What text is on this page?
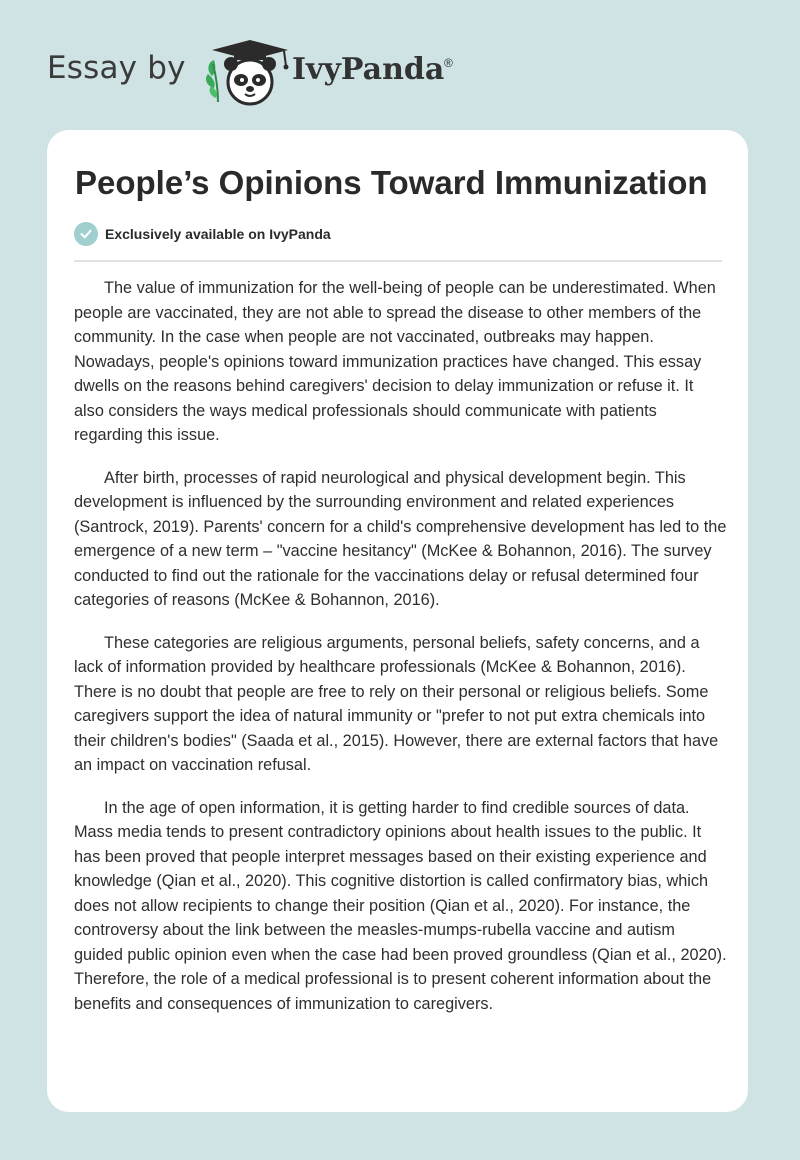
Essay by	IvyPanda ®
People’s Opinions Toward Immunization
Exclusively available on IvyPanda

The value of immunization for the well-being of people can be underestimated. When people are vaccinated, they are not able to spread the disease to other members of the community. In the case when people are not vaccinated, outbreaks may happen. Nowadays, people's opinions toward immunization practices have changed. This essay dwells on the reasons behind caregivers' decision to delay immunization or refuse it. It also considers the ways medical professionals should communicate with patients regarding this issue.

After birth, processes of rapid neurological and physical development begin. This development is influenced by the surrounding environment and related experiences (Santrock, 2019). Parents' concern for a child's comprehensive development has led to the emergence of a new term – "vaccine hesitancy" (McKee & Bohannon, 2016). The survey conducted to find out the rationale for the vaccinations delay or refusal determined four categories of reasons (McKee & Bohannon, 2016).

These categories are religious arguments, personal beliefs, safety concerns, and a lack of information provided by healthcare professionals (McKee & Bohannon, 2016). There is no doubt that people are free to rely on their personal or religious beliefs. Some caregivers support the idea of natural immunity or "prefer to not put extra chemicals into their children's bodies" (Saada et al., 2015). However, there are external factors that have an impact on vaccination refusal.

In the age of open information, it is getting harder to find credible sources of data. Mass media tends to present contradictory opinions about health issues to the public. It has been proved that people interpret messages based on their existing experience and knowledge (Qian et al., 2020). This cognitive distortion is called confirmatory bias, which does not allow recipients to change their position (Qian et al., 2020). For instance, the controversy about the link between the measles-mumps-rubella vaccine and autism guided public opinion even when the case had been proved groundless (Qian et al., 2020). Therefore, the role of a medical professional is to present coherent information about the benefits and consequences of immunization to caregivers.
